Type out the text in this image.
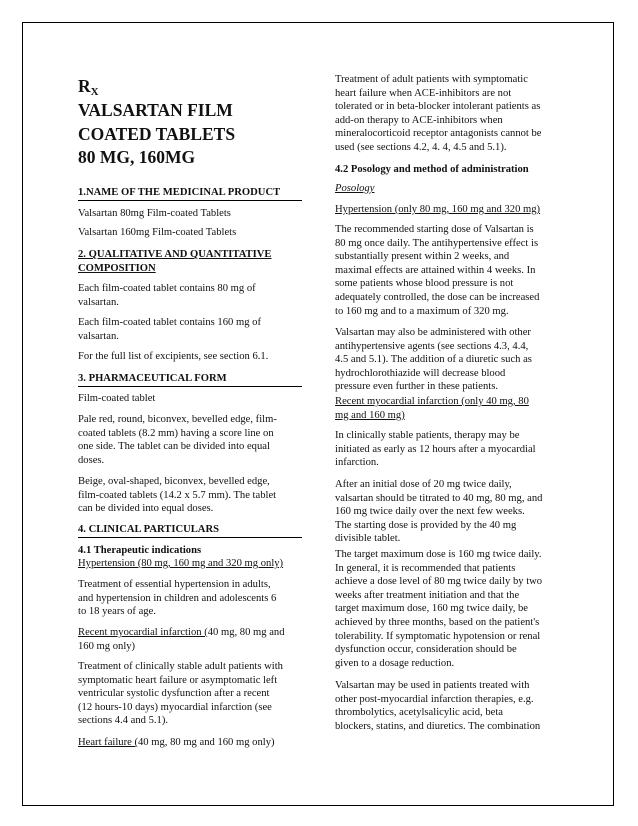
RX

VALSARTAN FILM

COATED TABLETS

80 MG, 160MG

1.NAME OF THE MEDICINAL PRODUCT

Valsartan 80mg Film-coated Tablets

Valsartan 160mg Film-coated Tablets

2. QUALITATIVE AND QUANTITATIVE

COMPOSITION

Each film-coated tablet contains 80 mg of

valsartan.

Each film-coated tablet contains 160 mg of

valsartan.

For the full list of excipients, see section 6.1.

3. PHARMACEUTICAL FORM

Film-coated tablet

Pale red, round, biconvex, bevelled edge, film-

coated tablets (8.2 mm) having a score line on

one side. The tablet can be divided into equal

doses.

Beige, oval-shaped, biconvex, bevelled edge,

film-coated tablets (14.2 x 5.7 mm). The tablet

can be divided into equal doses.

4. CLINICAL PARTICULARS

4.1 Therapeutic indications

Hypertension (80 mg, 160 mg and 320 mg only)

Treatment of essential hypertension in adults,

and hypertension in children and adolescents 6

to 18 years of age.

Recent myocardial infarction (40 mg, 80 mg and

160 mg only)

Treatment of clinically stable adult patients with

symptomatic heart failure or asymptomatic left

ventricular systolic dysfunction after a recent

(12 hours-10 days) myocardial infarction (see

sections 4.4 and 5.1).

Heart failure (40 mg, 80 mg and 160 mg only)

Treatment of adult patients with symptomatic

heart failure when ACE-inhibitors are not

tolerated or in beta-blocker intolerant patients as

add-on therapy to ACE-inhibitors when

mineralocorticoid receptor antagonists cannot be

used (see sections 4.2, 4. 4, 4.5 and 5.1).

4.2 Posology and method of administration

Posology

Hypertension (only 80 mg, 160 mg and 320 mg)

The recommended starting dose of Valsartan is

80 mg once daily. The antihypertensive effect is

substantially present within 2 weeks, and

maximal effects are attained within 4 weeks. In

some patients whose blood pressure is not

adequately controlled, the dose can be increased

to 160 mg and to a maximum of 320 mg.

Valsartan may also be administered with other

antihypertensive agents (see sections 4.3, 4.4,

4.5 and 5.1). The addition of a diuretic such as

hydrochlorothiazide will decrease blood

pressure even further in these patients.

Recent myocardial infarction (only 40 mg, 80

mg and 160 mg)

In clinically stable patients, therapy may be

initiated as early as 12 hours after a myocardial

infarction.

After an initial dose of 20 mg twice daily,

valsartan should be titrated to 40 mg, 80 mg, and

160 mg twice daily over the next few weeks.

The starting dose is provided by the 40 mg

divisible tablet.

The target maximum dose is 160 mg twice daily.

In general, it is recommended that patients

achieve a dose level of 80 mg twice daily by two

weeks after treatment initiation and that the

target maximum dose, 160 mg twice daily, be

achieved by three months, based on the patient's

tolerability. If symptomatic hypotension or renal

dysfunction occur, consideration should be

given to a dosage reduction.

Valsartan may be used in patients treated with

other post-myocardial infarction therapies, e.g.

thrombolytics, acetylsalicylic acid, beta

blockers, statins, and diuretics. The combination
